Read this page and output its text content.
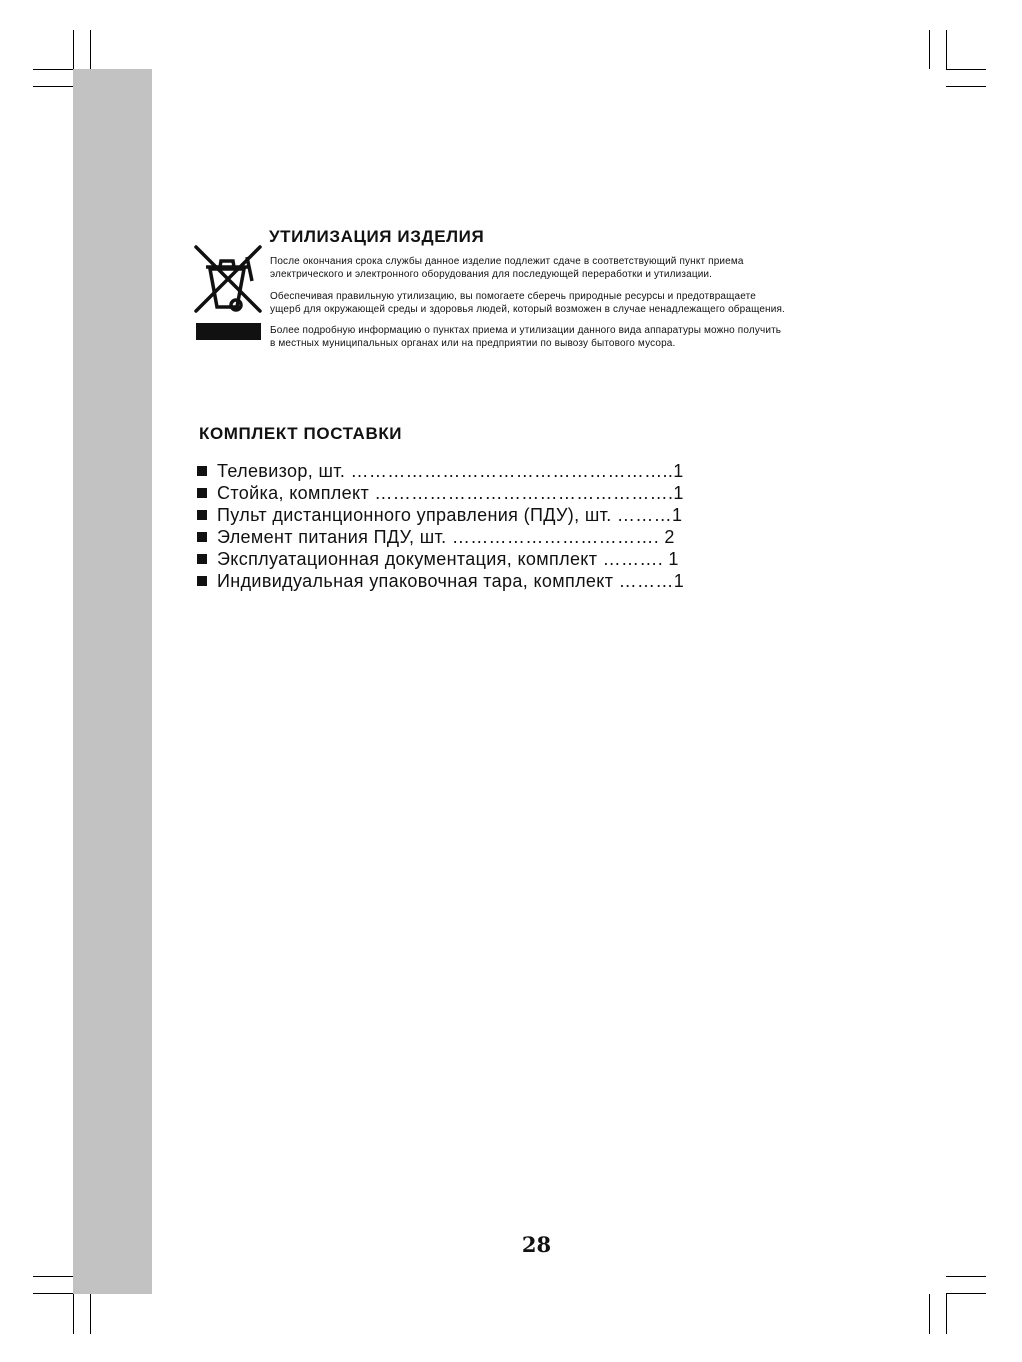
УТИЛИЗАЦИЯ ИЗДЕЛИЯ

После окончания срока службы данное изделие подлежит сдаче в соответствующий пункт приема
электрического и электронного оборудования для последующей переработки и утилизации.

Обеспечивая правильную утилизацию, вы помогаете сберечь природные ресурсы и предотвращаете
ущерб для окружающей среды и здоровья людей, который возможен в случае ненадлежащего обращения.

Более подробную информацию о пунктах приема и утилизации данного вида аппаратуры можно получить
в местных муниципальных органах или на предприятии по вывозу бытового мусора.

КОМПЛЕКТ ПОСТАВКИ
Телевизор, шт. ……………………………………………..1
Стойка, комплект ………………………………………….1
Пульт дистанционного управления (ПДУ), шт. ………1
Элемент питания ПДУ, шт. ……………………………. 2
Эксплуатационная документация, комплект ………. 1
Индивидуальная упаковочная тара, комплект ………1

28
